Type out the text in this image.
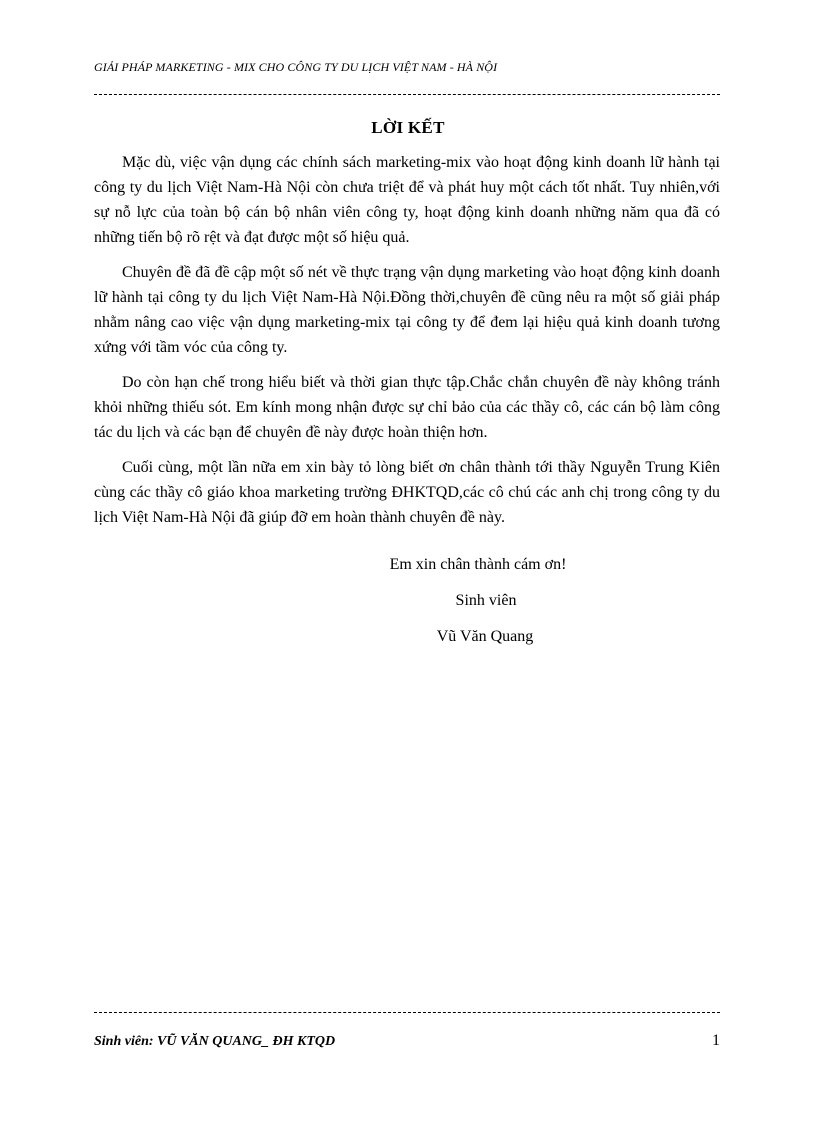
GIẢI PHÁP MARKETING - MIX CHO CÔNG TY DU LỊCH VIỆT NAM - HÀ NỘI
LỜI KẾT

Mặc dù, việc vận dụng các chính sách marketing-mix vào hoạt động kinh doanh lữ hành tại công ty du lịch Việt Nam-Hà Nội còn chưa triệt để và phát huy một cách tốt nhất. Tuy nhiên,với sự nỗ lực của toàn bộ cán bộ nhân viên công ty, hoạt động kinh doanh những năm qua đã có những tiến bộ rõ rệt và đạt được một số hiệu quả.

Chuyên đề đã đề cập một số nét về thực trạng vận dụng marketing vào hoạt động kinh doanh lữ hành tại công ty du lịch Việt Nam-Hà Nội.Đồng thời,chuyên đề cũng nêu ra một số giải pháp nhằm nâng cao việc vận dụng marketing-mix tại công ty để đem lại hiệu quả kinh doanh tương xứng với tầm vóc của công ty.

Do còn hạn chế trong hiểu biết và thời gian thực tập.Chắc chắn chuyên đề này không tránh khỏi những thiếu sót. Em kính mong nhận được sự chỉ bảo của các thầy cô, các cán bộ làm công tác du lịch và các bạn để chuyên đề này được hoàn thiện hơn.

Cuối cùng, một lần nữa em xin bày tỏ lòng biết ơn chân thành tới thầy Nguyễn Trung Kiên cùng các thầy cô giáo khoa marketing trường ĐHKTQD,các cô chú các anh chị trong công ty du lịch Việt Nam-Hà Nội đã giúp đỡ em hoàn thành chuyên đề này.

Em xin chân thành cám ơn!
Sinh viên
Vũ Văn Quang
Sinh viên: VŨ VĂN QUANG_ ĐH KTQD	1
